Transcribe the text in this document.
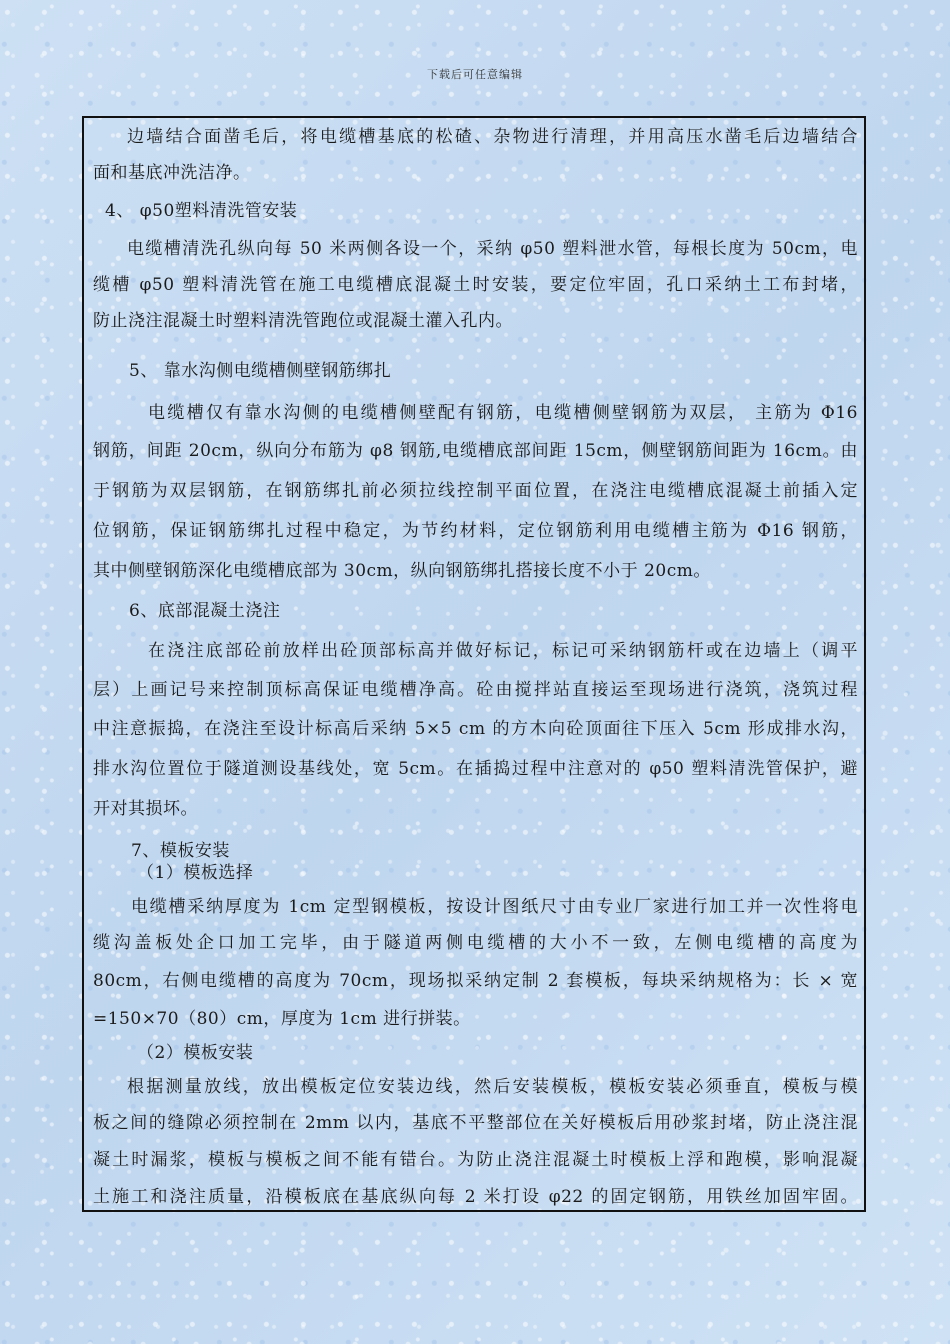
下载后可任意编辑
边墙结合面凿毛后，将电缆槽基底的松碴、杂物进行清理，并用高压水凿毛后边墙结合
面和基底冲洗洁净。
4、 φ50塑料清洗管安装
电缆槽清洗孔纵向每 50 米两侧各设一个，采纳 φ50 塑料泄水管，每根长度为 50cm，电
缆槽 φ50 塑料清洗管在施工电缆槽底混凝土时安装，要定位牢固，孔口采纳土工布封堵，
防止浇注混凝土时塑料清洗管跑位或混凝土灌入孔内。
5、 靠水沟侧电缆槽侧壁钢筋绑扎
电缆槽仅有靠水沟侧的电缆槽侧壁配有钢筋，电缆槽侧壁钢筋为双层， 主筋为 Φ16
钢筋，间距 20cm，纵向分布筋为 φ8 钢筋,电缆槽底部间距 15cm，侧壁钢筋间距为 16cm。由
于钢筋为双层钢筋，在钢筋绑扎前必须拉线控制平面位置，在浇注电缆槽底混凝土前插入定
位钢筋，保证钢筋绑扎过程中稳定，为节约材料，定位钢筋利用电缆槽主筋为 Φ16 钢筋，
其中侧壁钢筋深化电缆槽底部为 30cm，纵向钢筋绑扎搭接长度不小于 20cm。
6、底部混凝土浇注
在浇注底部砼前放样出砼顶部标高并做好标记，标记可采纳钢筋杆或在边墙上（调平
层）上画记号来控制顶标高保证电缆槽净高。砼由搅拌站直接运至现场进行浇筑，浇筑过程
中注意振捣，在浇注至设计标高后采纳 5×5 cm 的方木向砼顶面往下压入 5cm 形成排水沟，
排水沟位置位于隧道测设基线处，宽 5cm。在插捣过程中注意对的 φ50 塑料清洗管保护，避
开对其损坏。
7、模板安装
（1）模板选择
电缆槽采纳厚度为 1cm 定型钢模板，按设计图纸尺寸由专业厂家进行加工并一次性将电
缆沟盖板处企口加工完毕，由于隧道两侧电缆槽的大小不一致，左侧电缆槽的高度为
80cm，右侧电缆槽的高度为 70cm，现场拟采纳定制 2 套模板，每块采纳规格为：长 × 宽
=150×70（80）cm，厚度为 1cm 进行拼装。
（2）模板安装
根据测量放线，放出模板定位安装边线，然后安装模板，模板安装必须垂直，模板与模
板之间的缝隙必须控制在 2mm 以内，基底不平整部位在关好模板后用砂浆封堵，防止浇注混
凝土时漏浆，模板与模板之间不能有错台。为防止浇注混凝土时模板上浮和跑模，影响混凝
土施工和浇注质量，沿模板底在基底纵向每 2 米打设 φ22 的固定钢筋，用铁丝加固牢固。
